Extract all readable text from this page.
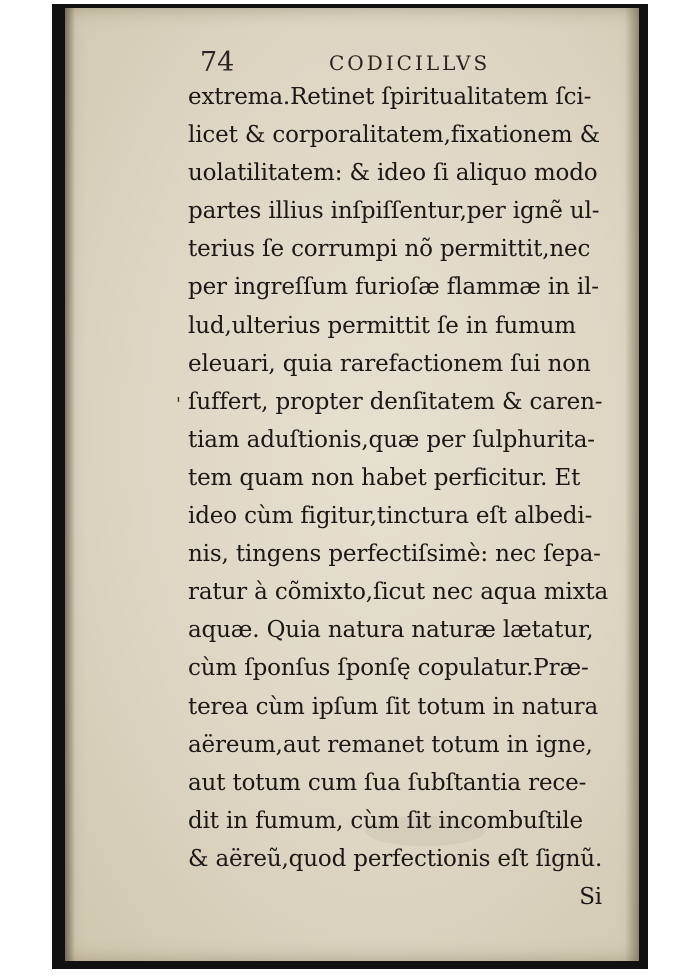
74	CODICILLVS
'
extrema.Retinet ſpiritualitatem ſci-
licet & corporalitatem,fixationem &
uolatilitatem: & ideo ſi aliquo modo
partes illius inſpiſſentur,per ignẽ ul-
terius ſe corrumpi nõ permittit,nec
per ingreſſum furioſæ flammæ in il-
lud,ulterius permittit ſe in fumum
eleuari, quia rarefactionem ſui non
ſuffert, propter denſitatem & caren-
tiam aduſtionis,quæ per ſulphurita-
tem quam non habet perficitur. Et
ideo cùm figitur,tinctura eſt albedi-
nis, tingens perfectiſsimè: nec ſepa-
ratur à cõmixto,ſicut nec aqua mixta
aquæ. Quia natura naturæ lætatur,
cùm ſponſus ſponſę copulatur.Præ-
terea cùm ipſum ſit totum in natura
aëreum,aut remanet totum in igne,
aut totum cum ſua ſubſtantia rece-
dit in fumum, cùm ſit incombuſtile
& aëreũ,quod perfectionis eſt ſignũ.
Si
